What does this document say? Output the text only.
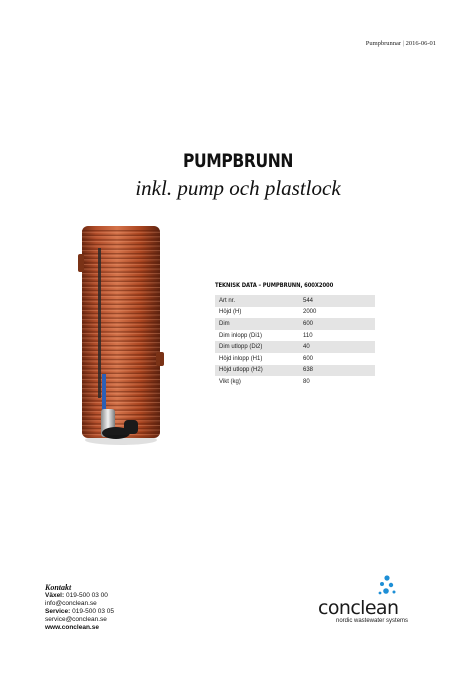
Pumpbrunnar | 2016-06-01
PUMPBRUNN
inkl. pump och plastlock
TEKNISK DATA – PUMPBRUNN, 600X2000
Art nr.	544
Höjd (H)	2000
Dim	600
Dim inlopp (Di1)	110
Dim utlopp (Di2)	40
Höjd inlopp (H1)	600
Höjd utlopp (H2)	638
Vikt (kg)	80
Kontakt
Växel: 019-500 03 00
info@conclean.se
Service: 019-500 03 05
service@conclean.se
www.conclean.se
conclean
nordic wastewater systems
